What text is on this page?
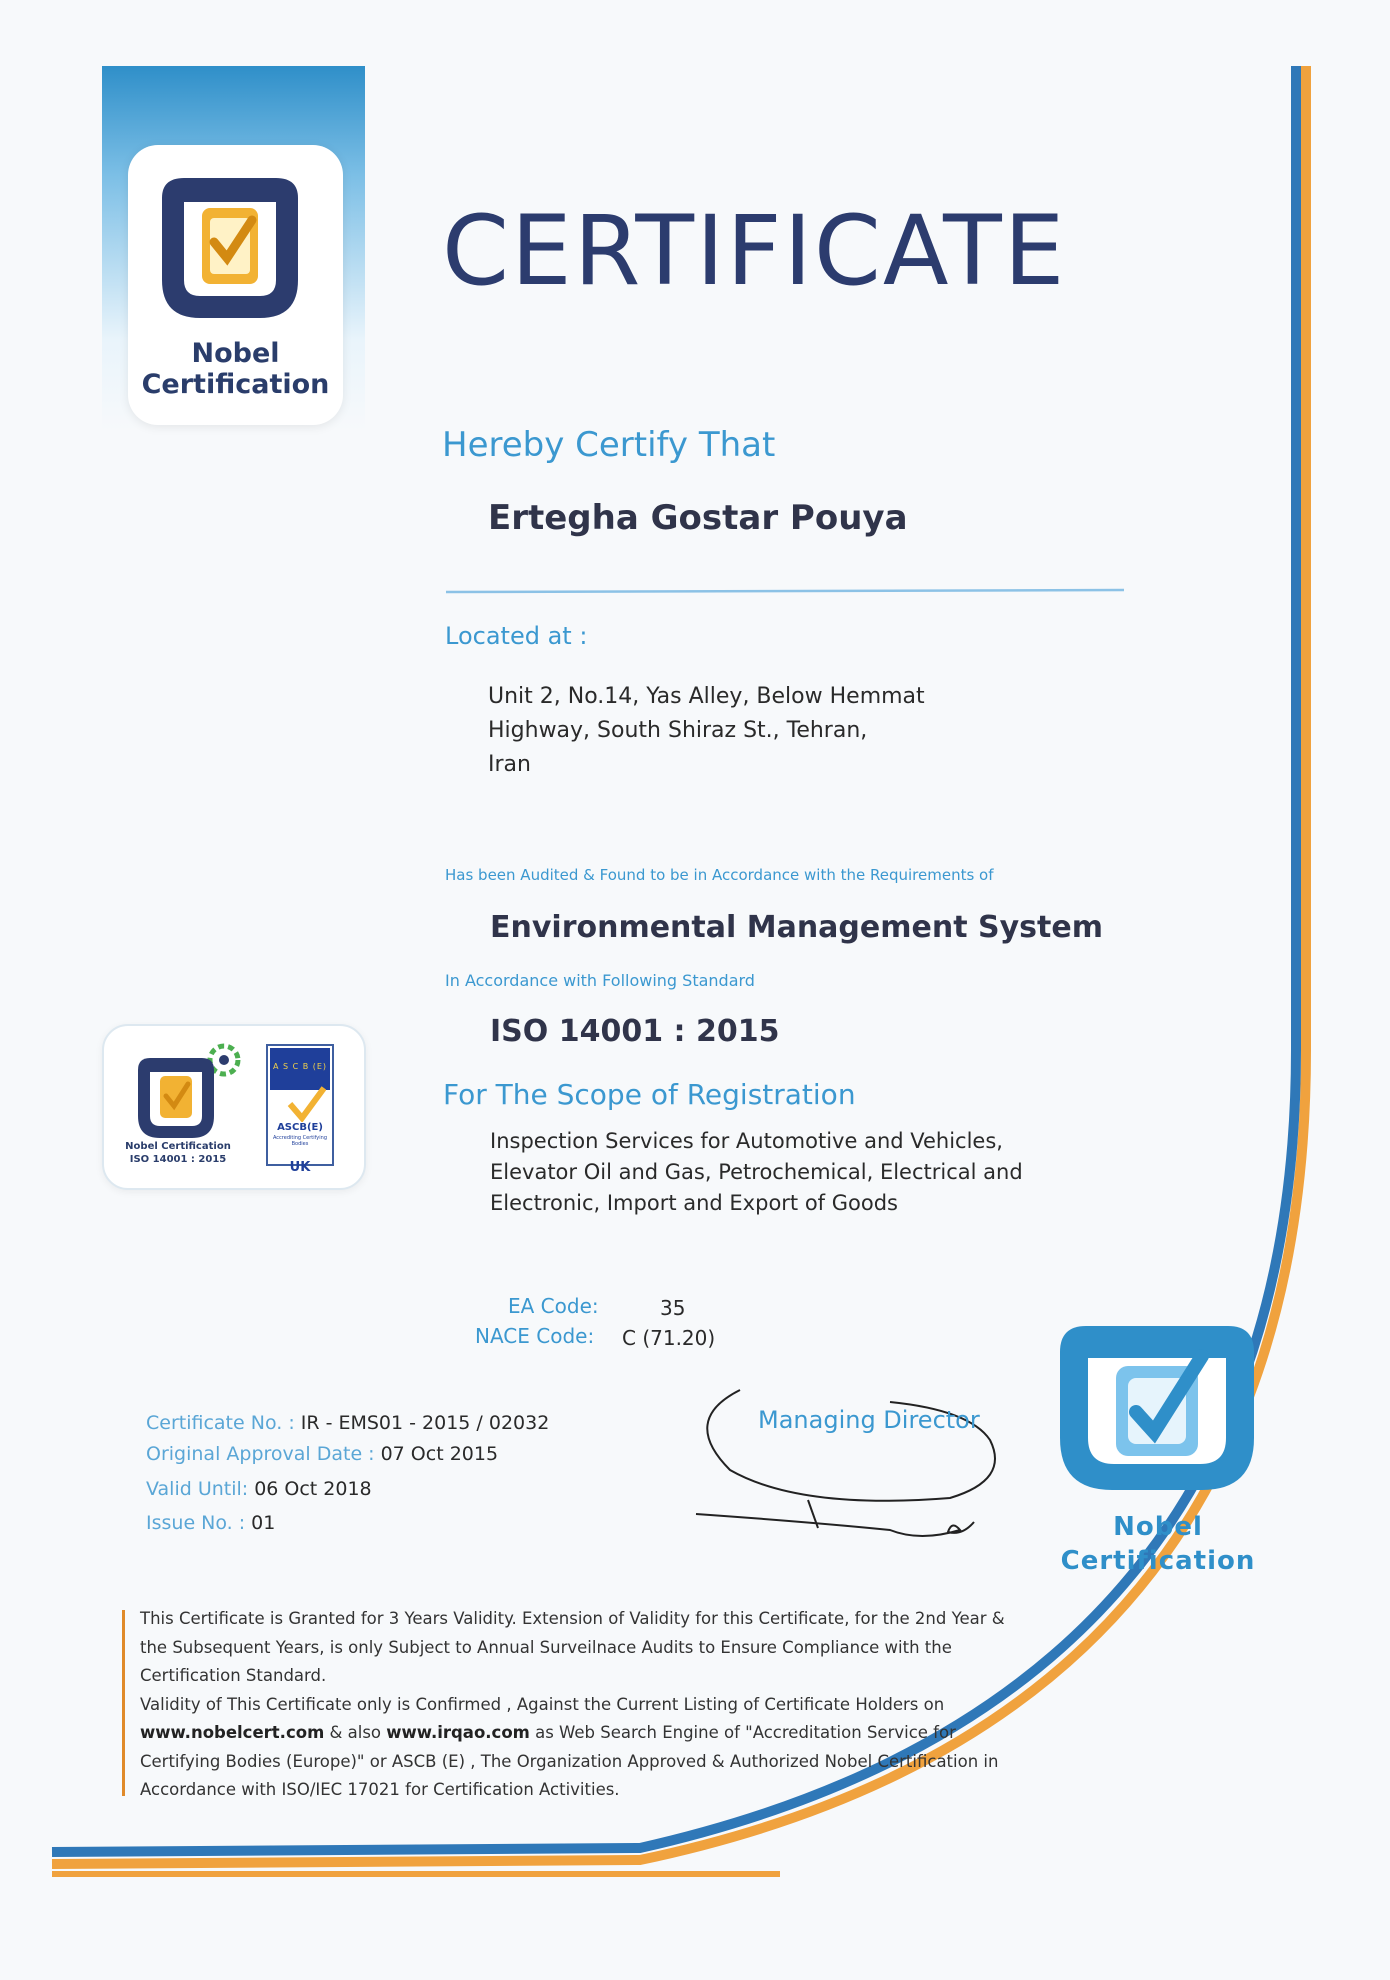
Nobel
Certification
CERTIFICATE
Hereby Certify That
Ertegha Gostar Pouya
Located at :
Unit 2, No.14, Yas Alley, Below Hemmat
Highway, South Shiraz St., Tehran,
Iran
Has been Audited & Found to be in Accordance with the Requirements of
Environmental Management System
In Accordance with Following Standard
ISO 14001 : 2015
For The Scope of Registration
Inspection Services for Automotive and Vehicles, Elevator Oil and Gas, Petrochemical, Electrical and Electronic, Import and Export of Goods
Nobel Certification
ISO 14001 : 2015
A S C B (E)
ASCB(E)
Accrediting Certifying Bodies
UK
EA Code:	35
NACE Code: C (71.20)
Certificate No. : IR - EMS01 - 2015 / 02032
Original Approval Date : 07 Oct 2015
Valid Until: 06 Oct 2018
Issue No. : 01
Managing Director
Nobel
Certification
This Certificate is Granted for 3 Years Validity. Extension of Validity for this Certificate, for the 2nd Year & the Subsequent Years, is only Subject to Annual Surveilnace Audits to Ensure Compliance with the Certification Standard.
Validity of This Certificate only is Confirmed , Against the Current Listing of Certificate Holders on www.nobelcert.com & also www.irqao.com as Web Search Engine of "Accreditation Service for Certifying Bodies (Europe)" or ASCB (E) , The Organization Approved & Authorized Nobel Certification in Accordance with ISO/IEC 17021 for Certification Activities.
